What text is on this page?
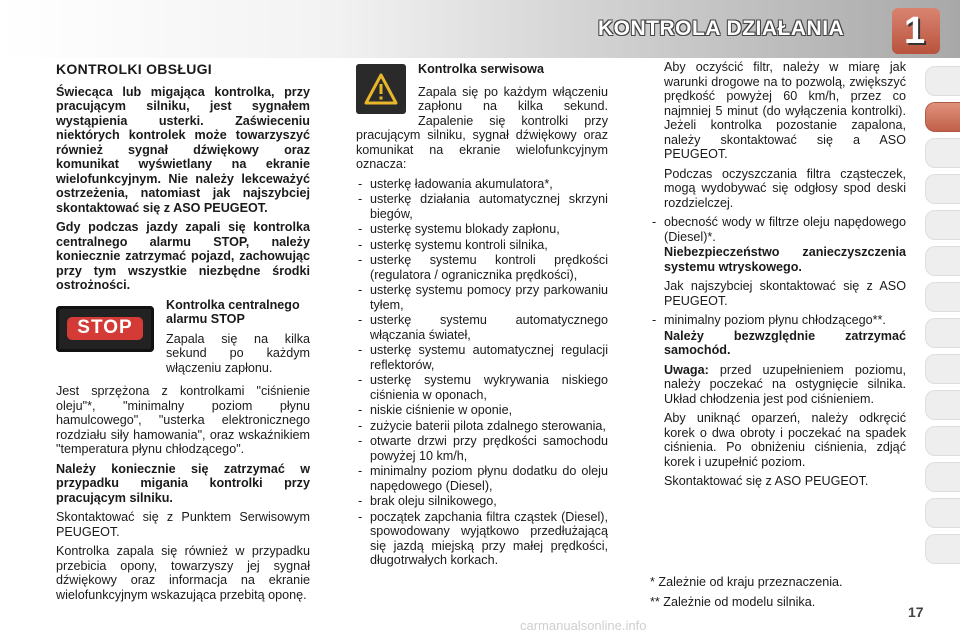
KONTROLA DZIAŁANIA 1
KONTROLKI OBSŁUGI

Świecąca lub migająca kontrolka, przy pracującym silniku, jest sygnałem wystąpienia usterki. Zaświeceniu niektórych kontrolek może towarzyszyć również sygnał dźwiękowy oraz komunikat wyświetlany na ekranie wielofunkcyjnym. Nie należy lekceważyć ostrzeżenia, natomiast jak najszybciej skontaktować się z ASO PEUGEOT.

Gdy podczas jazdy zapali się kontrolka centralnego alarmu STOP, należy koniecznie zatrzymać pojazd, zachowując przy tym wszystkie niezbędne środki ostrożności.

STOP
Kontrolka centralnego alarmu STOP

Zapala się na kilka sekund po każdym włączeniu zapłonu.

Jest sprzężona z kontrolkami "ciśnienie oleju"*, "minimalny poziom płynu hamulcowego", "usterka elektronicznego rozdziału siły hamowania", oraz wskaźnikiem "temperatura płynu chłodzącego".

Należy koniecznie się zatrzymać w przypadku migania kontrolki przy pracującym silniku.

Skontaktować się z Punktem Serwisowym PEUGEOT.

Kontrolka zapala się również w przypadku przebicia opony, towarzyszy jej sygnał dźwiękowy oraz informacja na ekranie wielofunkcyjnym wskazująca przebitą oponę.

Kontrolka serwisowa

Zapala się po każdym włączeniu zapłonu na kilka sekund. Zapalenie się kontrolki przy pracującym silniku, sygnał dźwiękowy oraz komunikat na ekranie wielofunkcyjnym oznacza:

- usterkę ładowania akumulatora*,
- usterkę działania automatycznej skrzyni biegów,
- usterkę systemu blokady zapłonu,
- usterkę systemu kontroli silnika,
- usterkę systemu kontroli prędkości (regulatora / ogranicznika prędkości),
- usterkę systemu pomocy przy parkowaniu tyłem,
- usterkę systemu automatycznego włączania świateł,
- usterkę systemu automatycznej regulacji reflektorów,
- usterkę systemu wykrywania niskiego ciśnienia w oponach,
- niskie ciśnienie w oponie,
- zużycie baterii pilota zdalnego sterowania,
- otwarte drzwi przy prędkości samochodu powyżej 10 km/h,
- minimalny poziom płynu dodatku do oleju napędowego (Diesel),
- brak oleju silnikowego,
- początek zapchania filtra cząstek (Diesel), spowodowany wyjątkowo przedłużającą się jazdą miejską przy małej prędkości, długotrwałych korkach.

Aby oczyścić filtr, należy w miarę jak warunki drogowe na to pozwolą, zwiększyć prędkość powyżej 60 km/h, przez co najmniej 5 minut (do wyłączenia kontrolki). Jeżeli kontrolka pozostanie zapalona, należy skontaktować się a ASO PEUGEOT.

Podczas oczyszczania filtra cząsteczek, mogą wydobywać się odgłosy spod deski rozdzielczej.

- obecność wody w filtrze oleju napędowego (Diesel)*.

Niebezpieczeństwo zanieczyszczenia systemu wtryskowego.

Jak najszybciej skontaktować się z ASO PEUGEOT.

- minimalny poziom płynu chłodzącego**.

Należy bezwzględnie zatrzymać samochód.

Uwaga: przed uzupełnieniem poziomu, należy poczekać na ostygnięcie silnika. Układ chłodzenia jest pod ciśnieniem.

Aby uniknąć oparzeń, należy odkręcić korek o dwa obroty i poczekać na spadek ciśnienia. Po obniżeniu ciśnienia, zdjąć korek i uzupełnić poziom.

Skontaktować się z ASO PEUGEOT.

* Zależnie od kraju przeznaczenia.
** Zależnie od modelu silnika.
17
carmanualsonline.info
